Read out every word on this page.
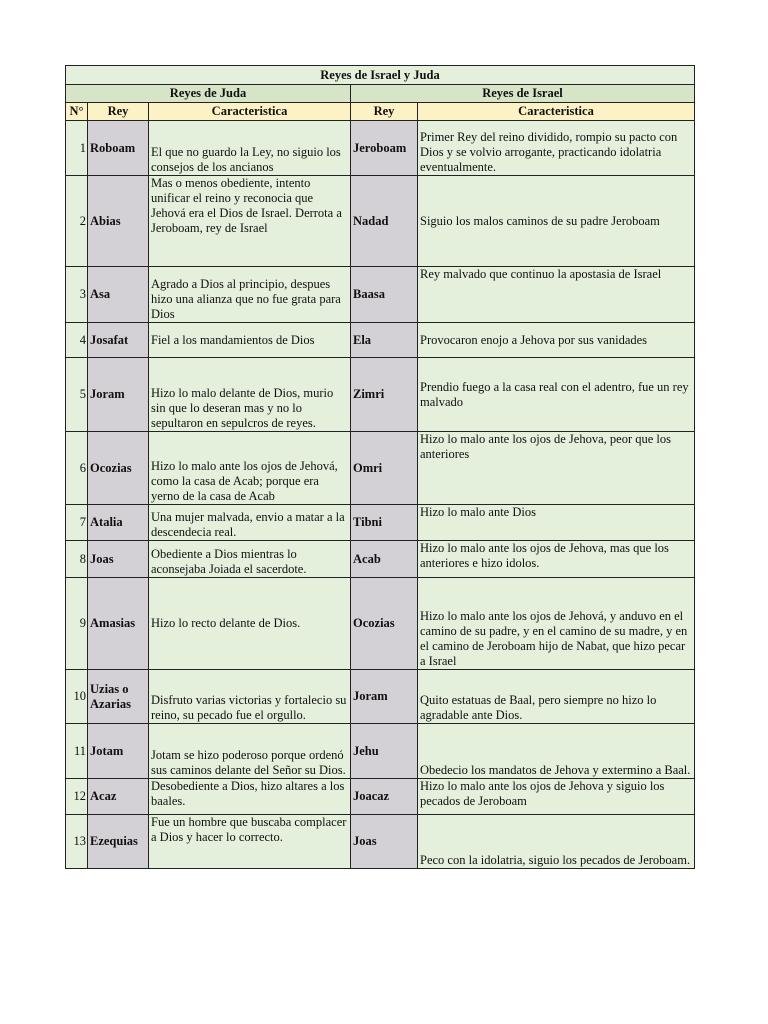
Reyes de Israel y Juda				
Reyes de Juda			Reyes de Israel	
N°	Rey	Caracteristica	Rey	Caracteristica
1	Roboam	El que no guardo la Ley, no siguio los consejos de los ancianos	Jeroboam	Primer Rey del reino dividido, rompio su pacto con Dios y se volvio arrogante, practicando idolatria eventualmente.
2	Abias	Mas o menos obediente, intento unificar el reino y reconocia que Jehová era el Dios de Israel. Derrota a Jeroboam, rey de Israel	Nadad	Siguio los malos caminos de su padre Jeroboam
3	Asa	Agrado a Dios al principio, despues hizo una alianza que no fue grata para Dios	Baasa	Rey malvado que continuo la apostasia de Israel
4	Josafat	Fiel a los mandamientos de Dios	Ela	Provocaron enojo a Jehova por sus vanidades
5	Joram	Hizo lo malo delante de Dios, murio sin que lo deseran mas y no lo sepultaron en sepulcros de reyes.	Zimri	Prendio fuego a la casa real con el adentro, fue un rey malvado
6	Ocozias	Hizo lo malo ante los ojos de Jehová, como la casa de Acab; porque era yerno de la casa de Acab	Omri	Hizo lo malo ante los ojos de Jehova, peor que los anteriores
7	Atalia	Una mujer malvada, envio a matar a la descendecia real.	Tibni	Hizo lo malo ante Dios
8	Joas	Obediente a Dios mientras lo aconsejaba Joiada el sacerdote.	Acab	Hizo lo malo ante los ojos de Jehova, mas que los anteriores e hizo idolos.
9	Amasias	Hizo lo recto delante de Dios.	Ocozias	Hizo lo malo ante los ojos de Jehová, y anduvo en el camino de su padre, y en el camino de su madre, y en el camino de Jeroboam hijo de Nabat, que hizo pecar a Israel
10	Uzias o Azarias	Disfruto varias victorias y fortalecio su reino, su pecado fue el orgullo.	Joram	Quito estatuas de Baal, pero siempre no hizo lo agradable ante Dios.
11	Jotam	Jotam se hizo poderoso porque ordenó sus caminos delante del Señor su Dios.	Jehu	Obedecio los mandatos de Jehova y extermino a Baal.
12	Acaz	Desobediente a Dios, hizo altares a los baales.	Joacaz	Hizo lo malo ante los ojos de Jehova y siguio los pecados de Jeroboam
13	Ezequias	Fue un hombre que buscaba complacer a Dios y hacer lo correcto.	Joas	Peco con la idolatria, siguio los pecados de Jeroboam.
